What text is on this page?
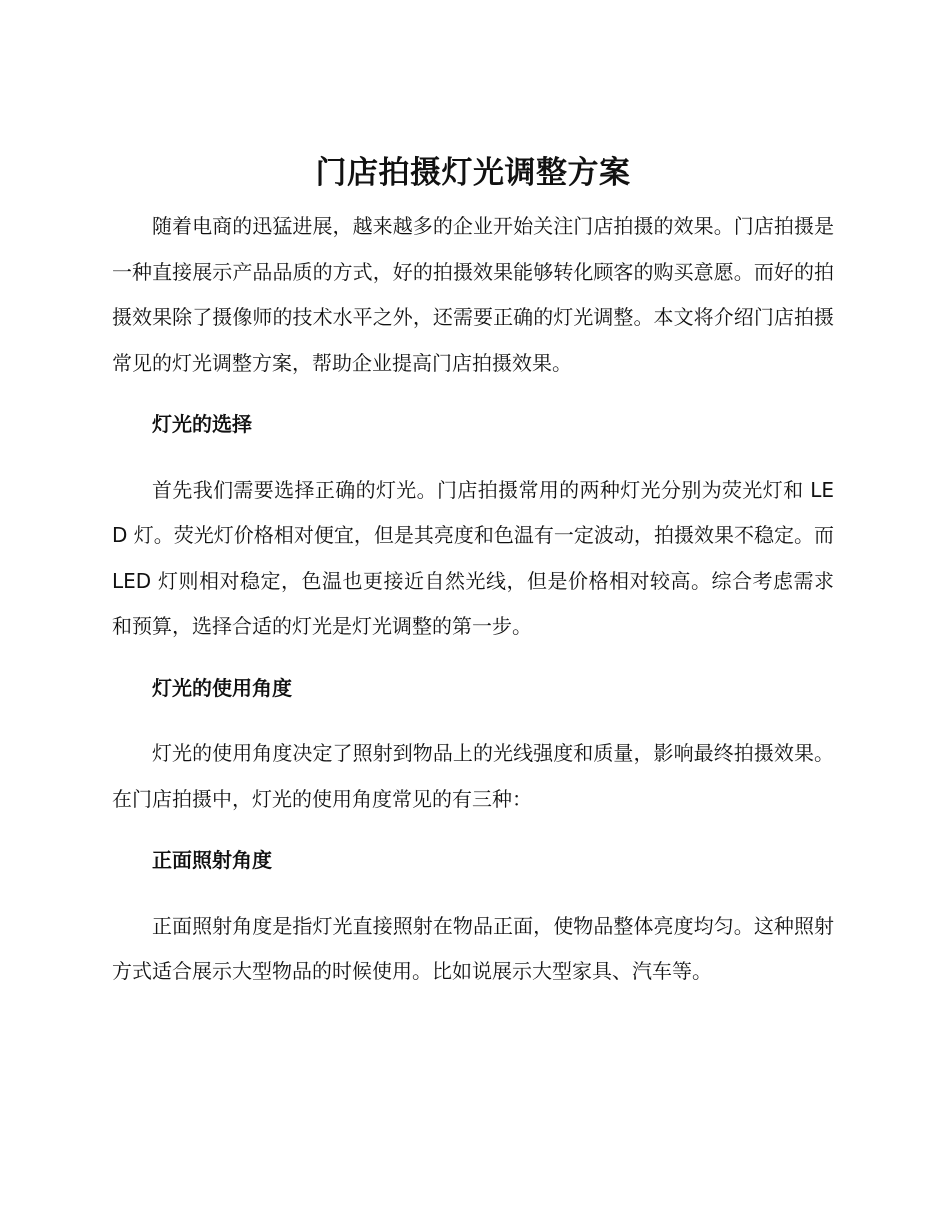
门店拍摄灯光调整方案

随着电商的迅猛进展，越来越多的企业开始关注门店拍摄的效果。门店拍摄是一种直接展示产品品质的方式，好的拍摄效果能够转化顾客的购买意愿。而好的拍摄效果除了摄像师的技术水平之外，还需要正确的灯光调整。本文将介绍门店拍摄常见的灯光调整方案，帮助企业提高门店拍摄效果。

灯光的选择

首先我们需要选择正确的灯光。门店拍摄常用的两种灯光分别为荧光灯和 LED 灯。荧光灯价格相对便宜，但是其亮度和色温有一定波动，拍摄效果不稳定。而 LED 灯则相对稳定，色温也更接近自然光线，但是价格相对较高。综合考虑需求和预算，选择合适的灯光是灯光调整的第一步。

灯光的使用角度

灯光的使用角度决定了照射到物品上的光线强度和质量，影响最终拍摄效果。在门店拍摄中，灯光的使用角度常见的有三种：

正面照射角度

正面照射角度是指灯光直接照射在物品正面，使物品整体亮度均匀。这种照射方式适合展示大型物品的时候使用。比如说展示大型家具、汽车等。
